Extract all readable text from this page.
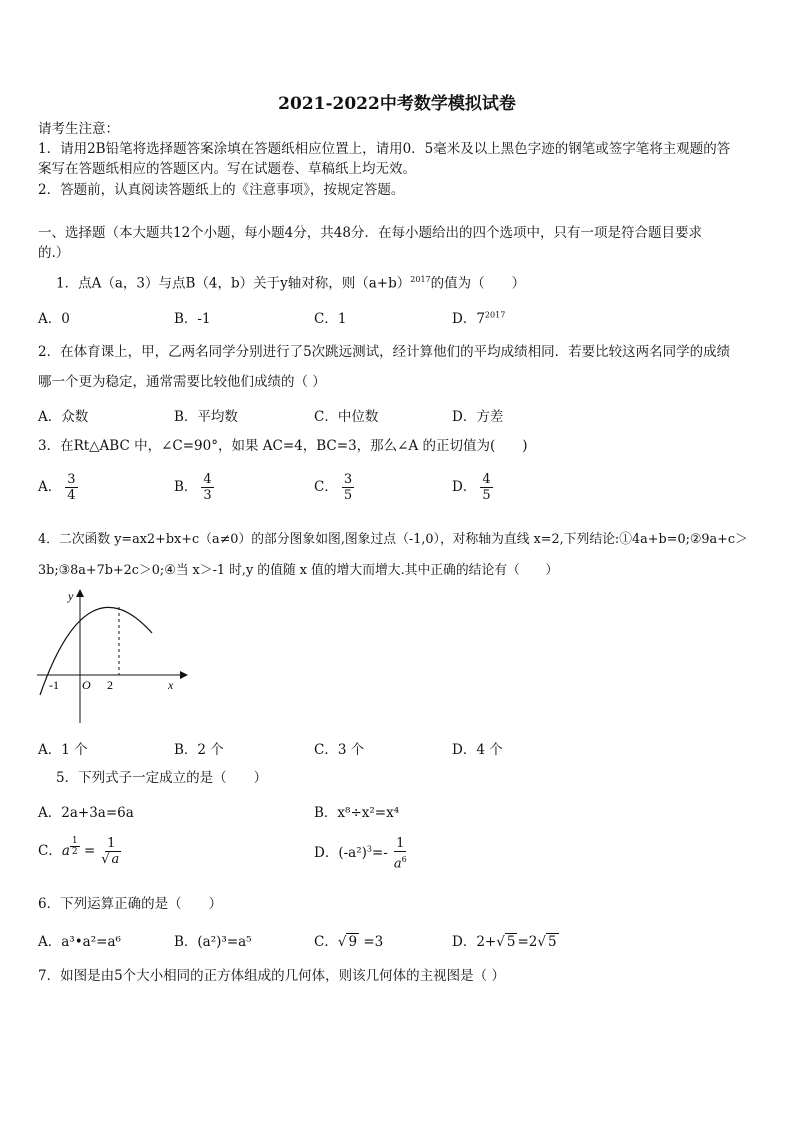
2021-2022中考数学模拟试卷
请考生注意：
1．请用2B铅笔将选择题答案涂填在答题纸相应位置上，请用0．5毫米及以上黑色字迹的钢笔或签字笔将主观题的答
案写在答题纸相应的答题区内。写在试题卷、草稿纸上均无效。
2．答题前，认真阅读答题纸上的《注意事项》，按规定答题。
一、选择题（本大题共12个小题，每小题4分，共48分．在每小题给出的四个选项中，只有一项是符合题目要求
的.）
1．点A（a，3）与点B（4，b）关于y轴对称，则$(a+b)^{2017}$的值为（　　）
A．0	B．-1	C．1	D．$7^{2017}$
2．在体育课上，甲，乙两名同学分别进行了5次跳远测试，经计算他们的平均成绩相同．若要比较这两名同学的成绩
哪一个更为稳定，通常需要比较他们成绩的（ ）
A．众数	B．平均数	C．中位数	D．方差
3．在Rt△ABC 中，∠C=90°，如果 AC=4，BC=3，那么∠A 的正切值为(　　)
A． $\frac{3}{4}$	B． $\frac{4}{3}$	C． $\frac{3}{5}$	D． $\frac{4}{5}$
4．二次函数 y=ax2+bx+c（a≠0）的部分图象如图,图象过点（-1,0），对称轴为直线 x=2,下列结论:①4a+b=0;②9a+c＞
3b;③8a+7b+2c＞0;④当 x＞-1 时,y 的值随 x 值的增大而增大.其中正确的结论有（　　）
y
x
-1 O 2
A．1 个	B．2 个	C．3 个	D．4 个
5．下列式子一定成立的是（　　）
A．2a+3a=6a	B．x⁸÷x²=x⁴
C．a $\frac{1}{2} = \frac{1}{√ a}$	D．$(-a^2)^3=- \frac{1}{a^6}$
6．下列运算正确的是（　　）
A．a³•a²=a⁶	B．(a²)³=a⁵	C．√ 9 =3	D．2+√ 5 =2√ 5
7．如图是由5个大小相同的正方体组成的几何体，则该几何体的主视图是（ ）
